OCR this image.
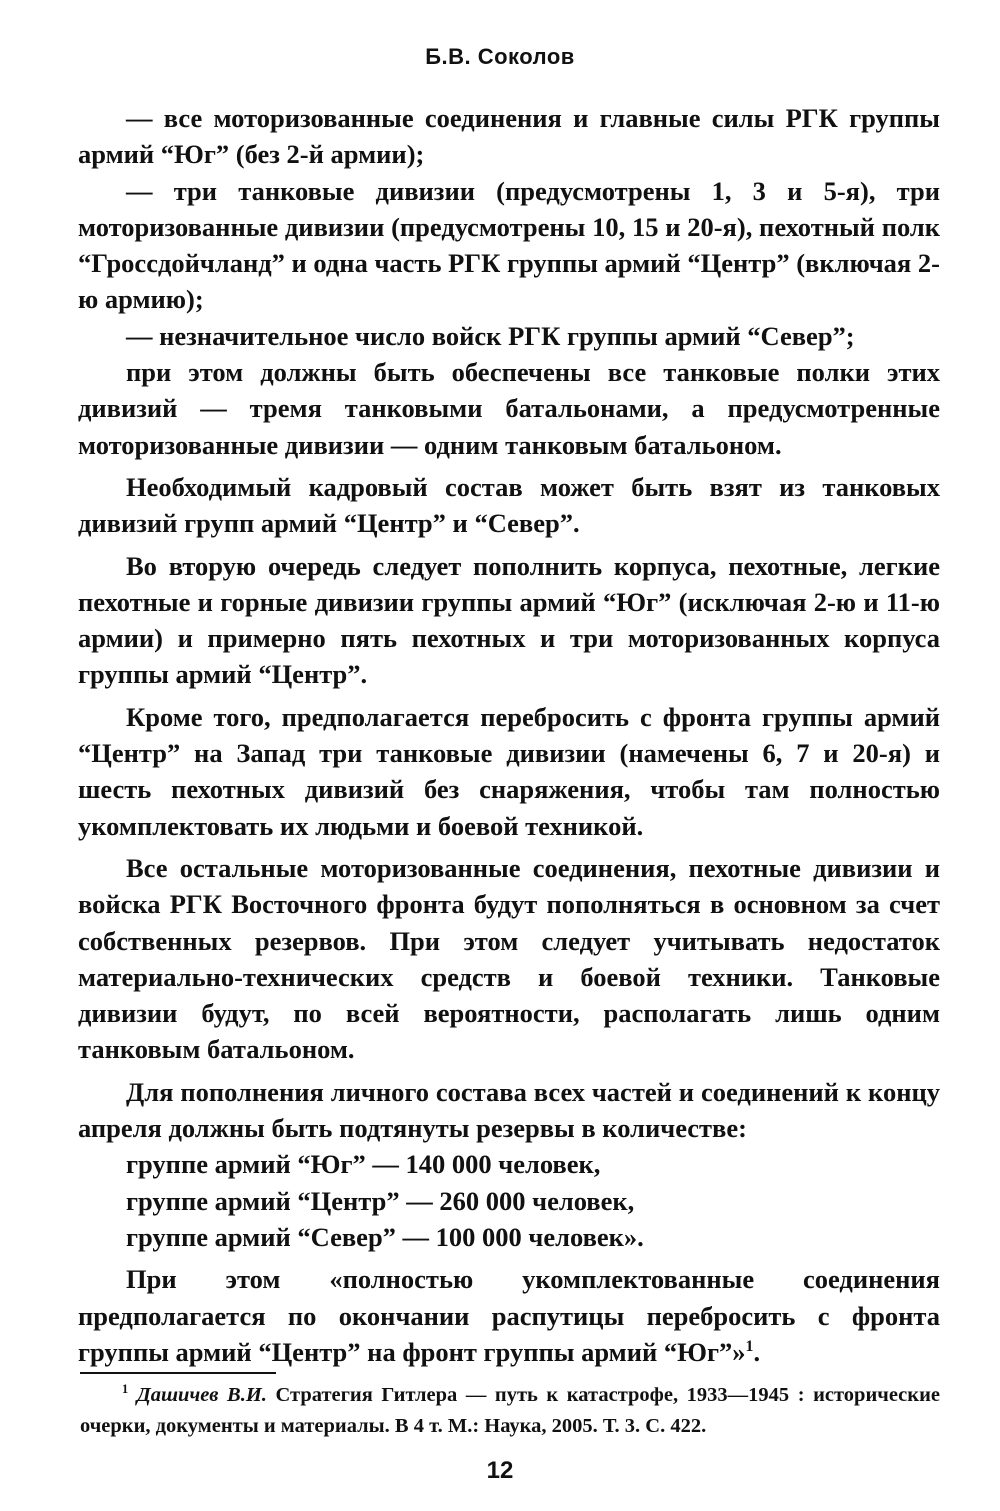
Б.В. Соколов

— все моторизованные соединения и главные силы РГК группы армий “Юг” (без 2-й армии);

— три танковые дивизии (предусмотрены 1, 3 и 5-я), три моторизованные дивизии (предусмотрены 10, 15 и 20-я), пехотный полк “Гроссдойчланд” и одна часть РГК группы армий “Центр” (включая 2-ю армию);

— незначительное число войск РГК группы армий “Север”;

при этом должны быть обеспечены все танковые полки этих дивизий — тремя танковыми батальонами, а предусмотренные моторизованные дивизии — одним танковым батальоном.

Необходимый кадровый состав может быть взят из танковых дивизий групп армий “Центр” и “Север”.

Во вторую очередь следует пополнить корпуса, пехотные, легкие пехотные и горные дивизии группы армий “Юг” (исключая 2-ю и 11-ю армии) и примерно пять пехотных и три моторизованных корпуса группы армий “Центр”.

Кроме того, предполагается перебросить с фронта группы армий “Центр” на Запад три танковые дивизии (намечены 6, 7 и 20-я) и шесть пехотных дивизий без снаряжения, чтобы там полностью укомплектовать их людьми и боевой техникой.

Все остальные моторизованные соединения, пехотные дивизии и войска РГК Восточного фронта будут пополняться в основном за счет собственных резервов. При этом следует учитывать недостаток материально-технических средств и боевой техники. Танковые дивизии будут, по всей вероятности, располагать лишь одним танковым батальоном.

Для пополнения личного состава всех частей и соединений к концу апреля должны быть подтянуты резервы в количестве:

группе армий “Юг” — 140 000 человек,

группе армий “Центр” — 260 000 человек,

группе армий “Север” — 100 000 человек».

При этом «полностью укомплектованные соединения предполагается по окончании распутицы перебросить с фронта группы армий “Центр” на фронт группы армий “Юг”»$^1$.

$^1$ Дашичев В.И. Стратегия Гитлера — путь к катастрофе, 1933—1945 : исторические очерки, документы и материалы. В 4 т. М.: Наука, 2005. Т. 3. С. 422.

12
